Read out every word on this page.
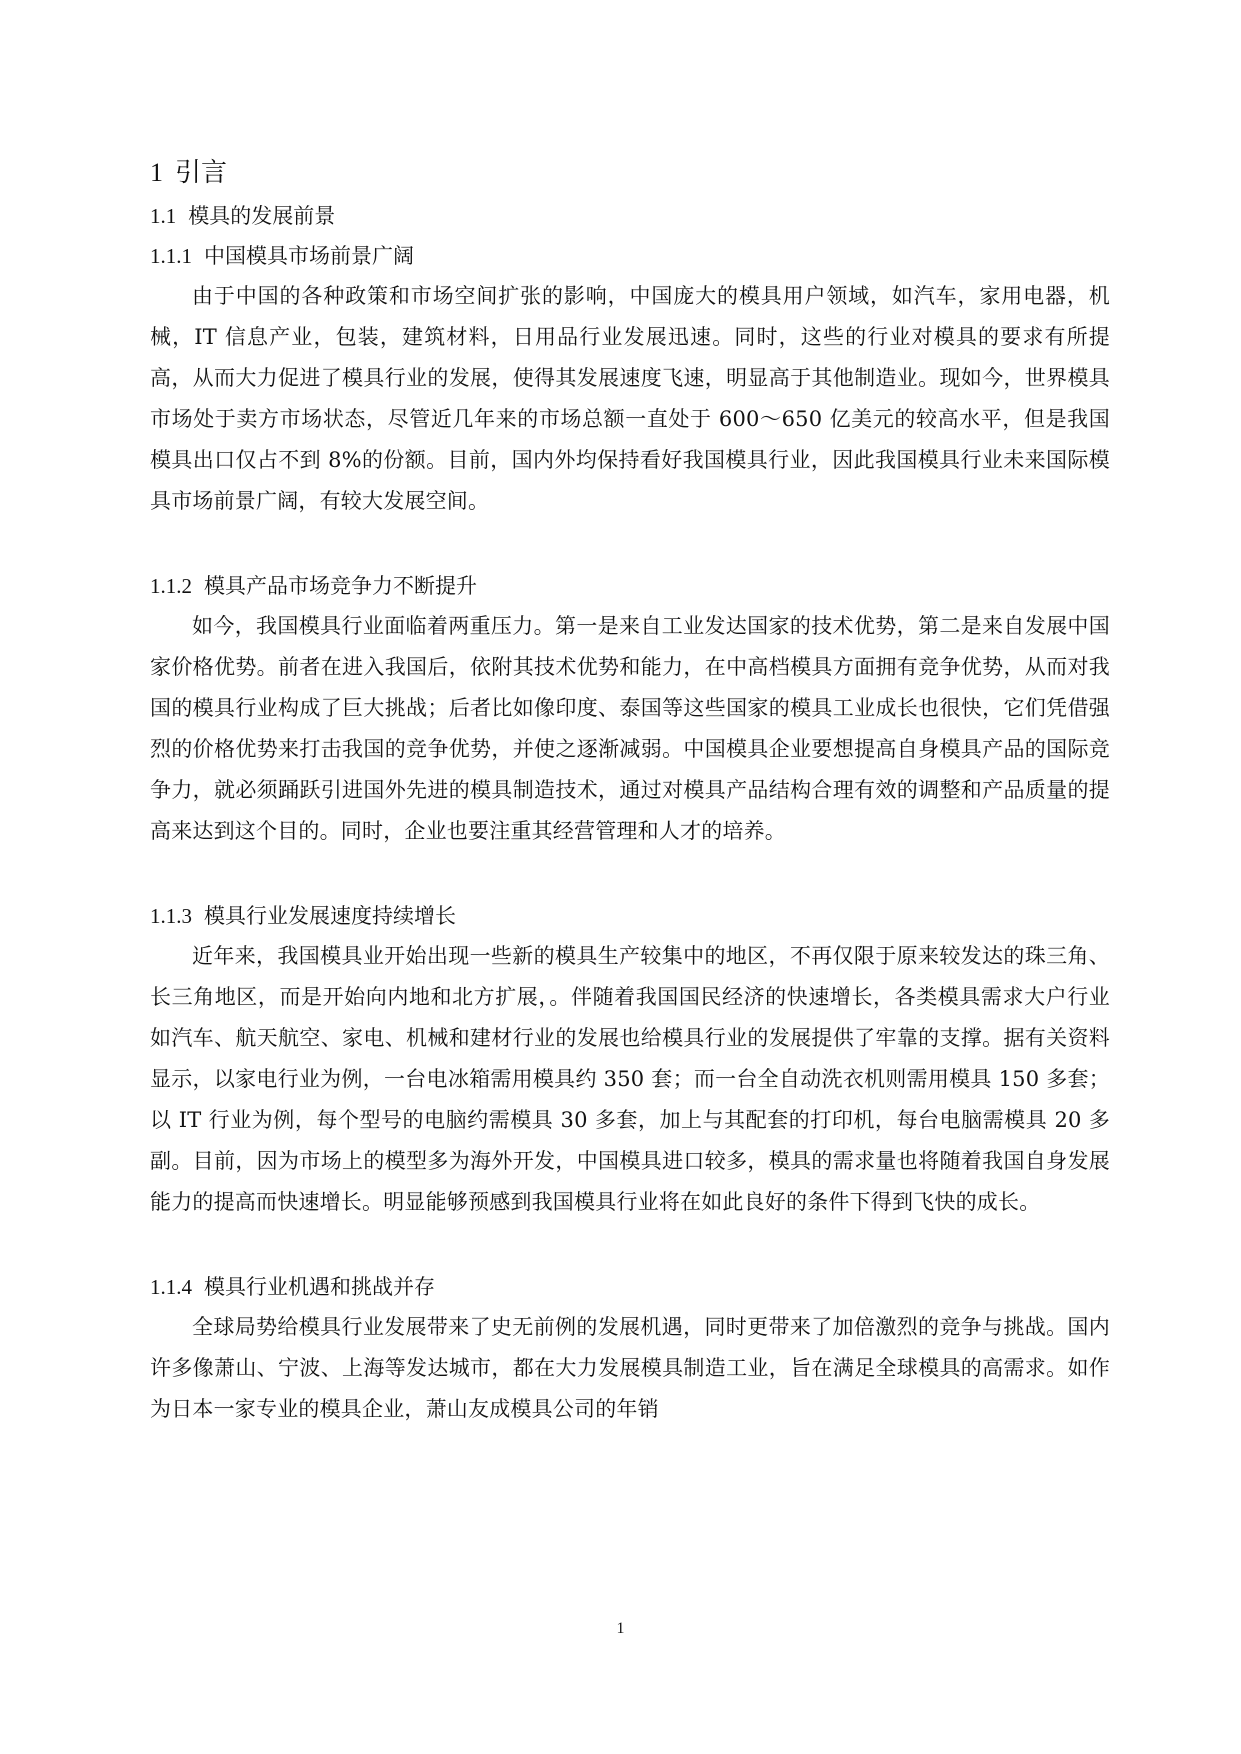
1 引言
1.1 模具的发展前景
1.1.1 中国模具市场前景广阔

由于中国的各种政策和市场空间扩张的影响，中国庞大的模具用户领域，如汽车，家用电器，机械，IT 信息产业，包装，建筑材料，日用品行业发展迅速。同时，这些的行业对模具的要求有所提高，从而大力促进了模具行业的发展，使得其发展速度飞速，明显高于其他制造业。现如今，世界模具市场处于卖方市场状态，尽管近几年来的市场总额一直处于 600～650 亿美元的较高水平，但是我国模具出口仅占不到 8%的份额。目前，国内外均保持看好我国模具行业，因此我国模具行业未来国际模具市场前景广阔，有较大发展空间。

1.1.2 模具产品市场竞争力不断提升

如今，我国模具行业面临着两重压力。第一是来自工业发达国家的技术优势，第二是来自发展中国家价格优势。前者在进入我国后，依附其技术优势和能力，在中高档模具方面拥有竞争优势，从而对我国的模具行业构成了巨大挑战；后者比如像印度、泰国等这些国家的模具工业成长也很快，它们凭借强烈的价格优势来打击我国的竞争优势，并使之逐渐减弱。中国模具企业要想提高自身模具产品的国际竞争力，就必须踊跃引进国外先进的模具制造技术，通过对模具产品结构合理有效的调整和产品质量的提高来达到这个目的。同时，企业也要注重其经营管理和人才的培养。

1.1.3 模具行业发展速度持续增长

近年来，我国模具业开始出现一些新的模具生产较集中的地区，不再仅限于原来较发达的珠三角、长三角地区，而是开始向内地和北方扩展，。伴随着我国国民经济的快速增长，各类模具需求大户行业如汽车、航天航空、家电、机械和建材行业的发展也给模具行业的发展提供了牢靠的支撑。据有关资料显示，以家电行业为例，一台电冰箱需用模具约 350 套；而一台全自动洗衣机则需用模具 150 多套；以 IT 行业为例，每个型号的电脑约需模具 30 多套，加上与其配套的打印机，每台电脑需模具 20 多副。目前，因为市场上的模型多为海外开发，中国模具进口较多，模具的需求量也将随着我国自身发展能力的提高而快速增长。明显能够预感到我国模具行业将在如此良好的条件下得到飞快的成长。

1.1.4 模具行业机遇和挑战并存

全球局势给模具行业发展带来了史无前例的发展机遇，同时更带来了加倍激烈的竞争与挑战。国内许多像萧山、宁波、上海等发达城市，都在大力发展模具制造工业，旨在满足全球模具的高需求。如作为日本一家专业的模具企业，萧山友成模具公司的年销

1
